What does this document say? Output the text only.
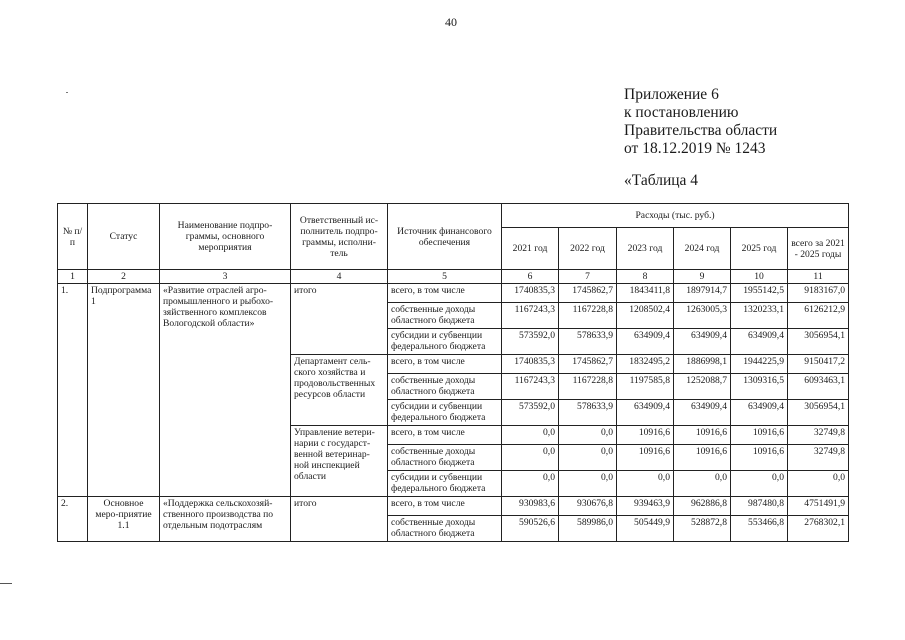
40
Приложение 6
к постановлению
Правительства области
от 18.12.2019 № 1243
«Таблица 4
№ п/п	Статус	Наименование подпро-граммы, основного мероприятия	Ответственный ис-полнитель подпро-граммы, исполни-тель	Источник финансового обеспечения	Расходы (тыс. руб.)					
					2021 год	2022 год	2023 год	2024 год	2025 год	всего за 2021 - 2025 годы
1	2	3	4	5	6	7	8	9	10	11
1.	Подпрограмма 1	«Развитие отраслей агро-промышленного и рыбохо-зяйственного комплексов Вологодской области»	итого	всего, в том числе	1740835,3	1745862,7	1843411,8	1897914,7	1955142,5	9183167,0
				собственные доходы областного бюджета	1167243,3	1167228,8	1208502,4	1263005,3	1320233,1	6126212,9
				субсидии и субвенции федерального бюджета	573592,0	578633,9	634909,4	634909,4	634909,4	3056954,1
			Департамент сель-ского хозяйства и продовольственных ресурсов области	всего, в том числе	1740835,3	1745862,7	1832495,2	1886998,1	1944225,9	9150417,2
				собственные доходы областного бюджета	1167243,3	1167228,8	1197585,8	1252088,7	1309316,5	6093463,1
				субсидии и субвенции федерального бюджета	573592,0	578633,9	634909,4	634909,4	634909,4	3056954,1
			Управление ветери-нарии с государст-венной ветеринар-ной инспекцией области	всего, в том числе	0,0	0,0	10916,6	10916,6	10916,6	32749,8
				собственные доходы областного бюджета	0,0	0,0	10916,6	10916,6	10916,6	32749,8
				субсидии и субвенции федерального бюджета	0,0	0,0	0,0	0,0	0,0	0,0
2.	Основное меро-приятие 1.1	«Поддержка сельскохозяй-ственного производства по отдельным подотраслям	итого	всего, в том числе	930983,6	930676,8	939463,9	962886,8	987480,8	4751491,9
				собственные доходы областного бюджета	590526,6	589986,0	505449,9	528872,8	553466,8	2768302,1
